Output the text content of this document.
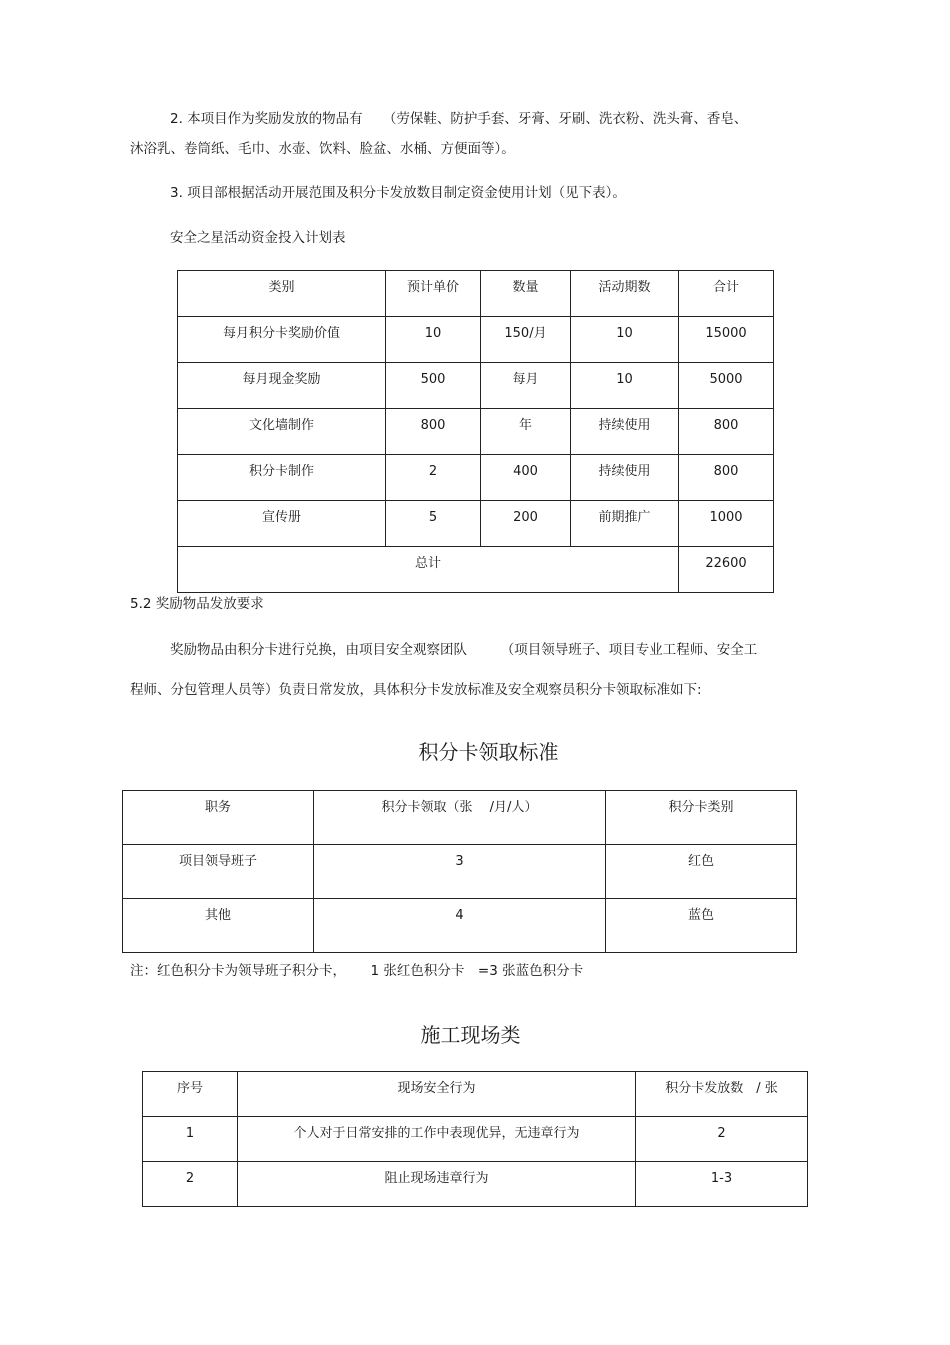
2. 本项目作为奖励发放的物品有　　（劳保鞋、防护手套、牙膏、牙刷、洗衣粉、洗头膏、香皂、
沐浴乳、卷筒纸、毛巾、水壶、饮料、脸盆、水桶、方便面等）。
3. 项目部根据活动开展范围及积分卡发放数目制定资金使用计划（见下表）。
安全之星活动资金投入计划表
类别	预计单价	数量	活动期数	合计
每月积分卡奖励价值	10	150/月	10	15000
每月现金奖励	500	每月	10	5000
文化墙制作	800	年	持续使用	800
积分卡制作	2	400	持续使用	800
宣传册	5	200	前期推广	1000
总计				22600
5.2 奖励物品发放要求
奖励物品由积分卡进行兑换，由项目安全观察团队　　　（项目领导班子、项目专业工程师、安全工
程师、分包管理人员等）负责日常发放，具体积分卡发放标准及安全观察员积分卡领取标准如下:
积分卡领取标准
职务	积分卡领取（张　 /月/人）	积分卡类别
项目领导班子	3	红色
其他	4	蓝色
注：红色积分卡为领导班子积分卡，　　 1 张红色积分卡　=3 张蓝色积分卡
施工现场类
序号	现场安全行为	积分卡发放数　/ 张
1	个人对于日常安排的工作中表现优异，无违章行为	2
2	阻止现场违章行为	1-3
